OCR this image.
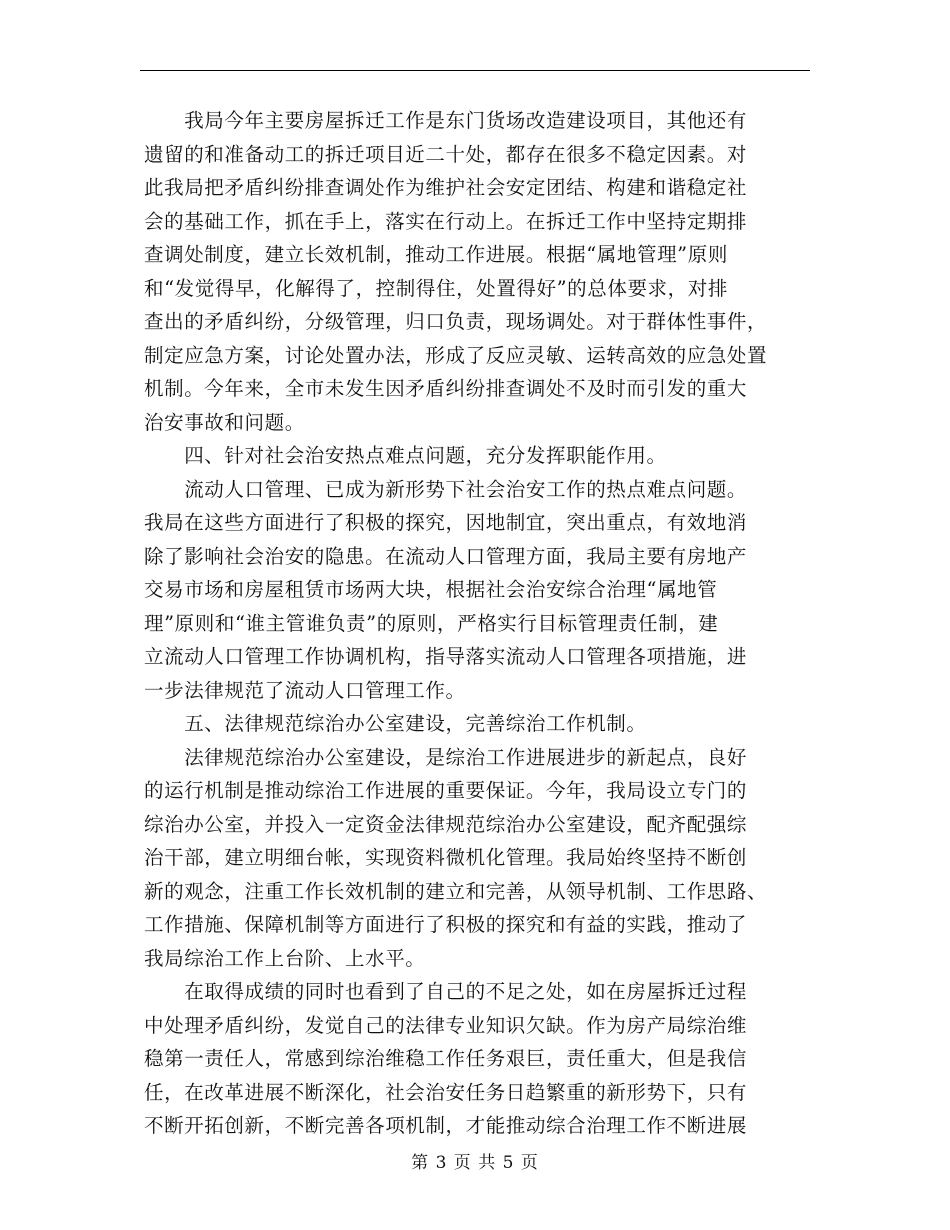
　　我局今年主要房屋拆迁工作是东门货场改造建设项目，其他还有
遗留的和准备动工的拆迁项目近二十处，都存在很多不稳定因素。对
此我局把矛盾纠纷排查调处作为维护社会安定团结、构建和谐稳定社
会的基础工作，抓在手上，落实在行动上。在拆迁工作中坚持定期排
查调处制度，建立长效机制，推动工作进展。根据“属地管理”原则
和“发觉得早，化解得了，控制得住，处置得好”的总体要求，对排
查出的矛盾纠纷，分级管理，归口负责，现场调处。对于群体性事件，
制定应急方案，讨论处置办法，形成了反应灵敏、运转高效的应急处置
机制。今年来，全市未发生因矛盾纠纷排查调处不及时而引发的重大
治安事故和问题。
　　四、针对社会治安热点难点问题，充分发挥职能作用。
　　流动人口管理、已成为新形势下社会治安工作的热点难点问题。
我局在这些方面进行了积极的探究，因地制宜，突出重点，有效地消
除了影响社会治安的隐患。在流动人口管理方面，我局主要有房地产
交易市场和房屋租赁市场两大块，根据社会治安综合治理“属地管
理”原则和“谁主管谁负责”的原则，严格实行目标管理责任制，建
立流动人口管理工作协调机构，指导落实流动人口管理各项措施，进
一步法律规范了流动人口管理工作。
　　五、法律规范综治办公室建设，完善综治工作机制。
　　法律规范综治办公室建设，是综治工作进展进步的新起点，良好
的运行机制是推动综治工作进展的重要保证。今年，我局设立专门的
综治办公室，并投入一定资金法律规范综治办公室建设，配齐配强综
治干部，建立明细台帐，实现资料微机化管理。我局始终坚持不断创
新的观念，注重工作长效机制的建立和完善，从领导机制、工作思路、
工作措施、保障机制等方面进行了积极的探究和有益的实践，推动了
我局综治工作上台阶、上水平。
　　在取得成绩的同时也看到了自己的不足之处，如在房屋拆迁过程
中处理矛盾纠纷，发觉自己的法律专业知识欠缺。作为房产局综治维
稳第一责任人，常感到综治维稳工作任务艰巨，责任重大，但是我信
任，在改革进展不断深化，社会治安任务日趋繁重的新形势下，只有
不断开拓创新，不断完善各项机制，才能推动综合治理工作不断进展
第 3 页 共 5 页
